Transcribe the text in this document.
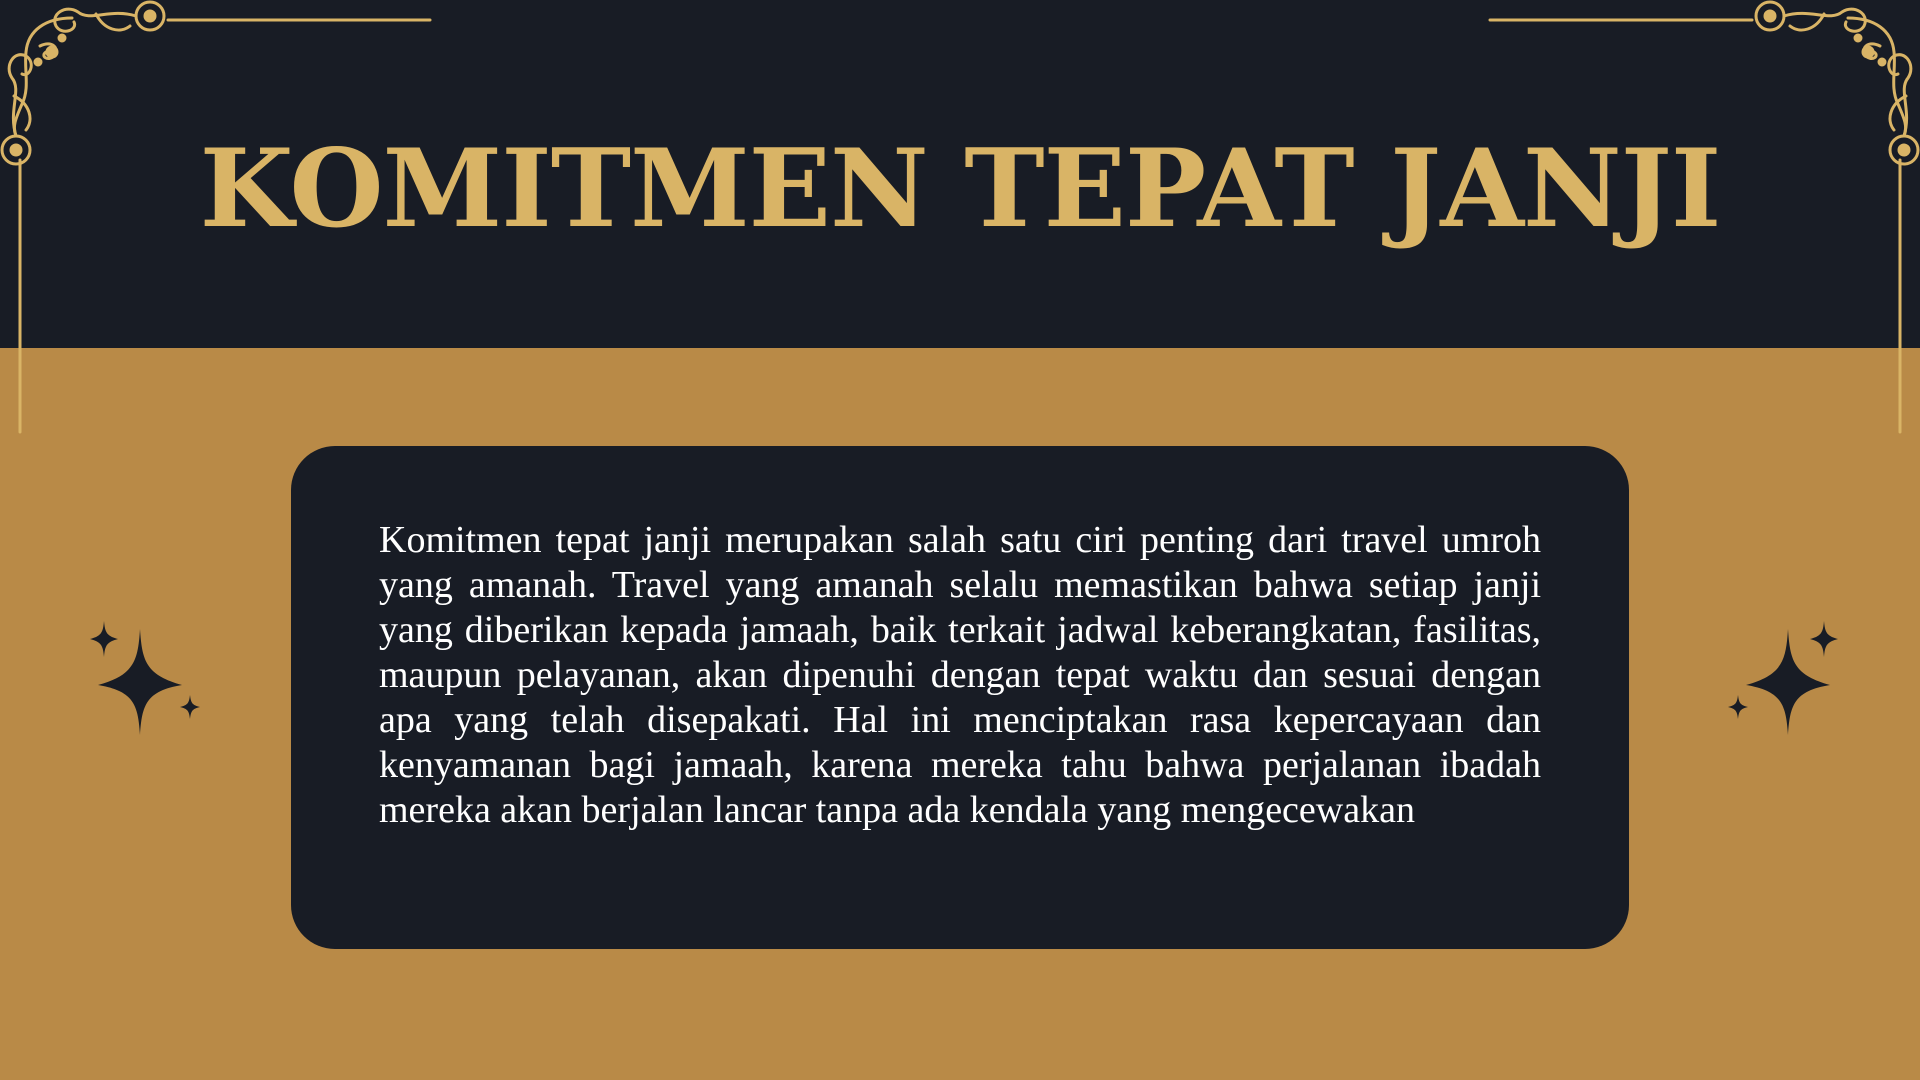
KOMITMEN TEPAT JANJI

Komitmen tepat janji merupakan salah satu ciri penting dari travel umroh yang amanah. Travel yang amanah selalu memastikan bahwa setiap janji yang diberikan kepada jamaah, baik terkait jadwal keberangkatan, fasilitas, maupun pelayanan, akan dipenuhi dengan tepat waktu dan sesuai dengan apa yang telah disepakati. Hal ini menciptakan rasa kepercayaan dan kenyamanan bagi jamaah, karena mereka tahu bahwa perjalanan ibadah mereka akan berjalan lancar tanpa ada kendala yang mengecewakan
